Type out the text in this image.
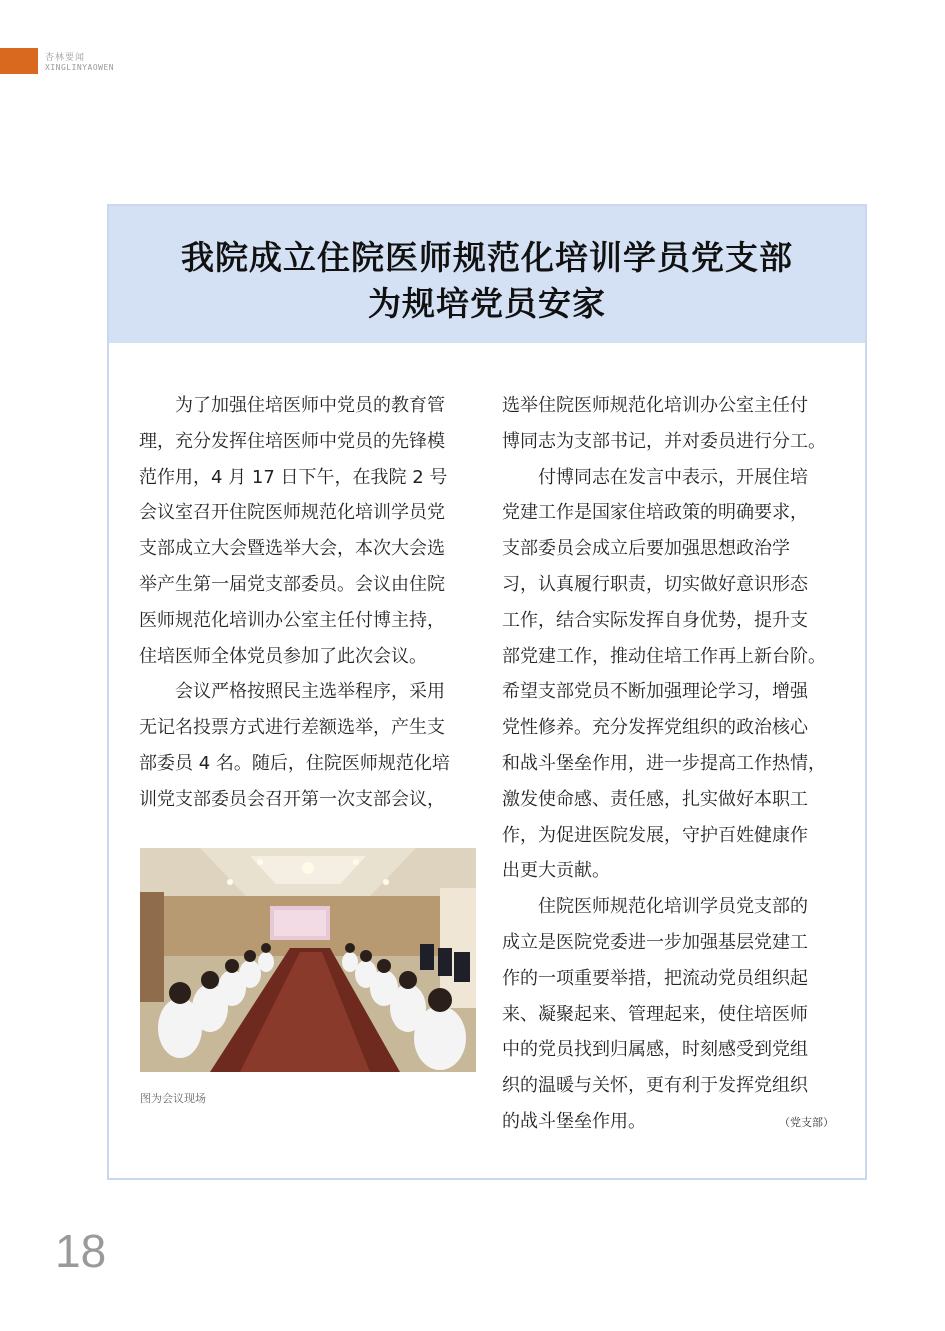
杏林要闻
XINGLINYAOWEN
我院成立住院医师规范化培训学员党支部
为规培党员安家
　　为了加强住培医师中党员的教育管
理，充分发挥住培医师中党员的先锋模
范作用，4 月 17 日下午，在我院 2 号
会议室召开住院医师规范化培训学员党
支部成立大会暨选举大会，本次大会选
举产生第一届党支部委员。会议由住院
医师规范化培训办公室主任付博主持，
住培医师全体党员参加了此次会议。
　　会议严格按照民主选举程序，采用
无记名投票方式进行差额选举，产生支
部委员 4 名。随后，住院医师规范化培
训党支部委员会召开第一次支部会议，
图为会议现场
选举住院医师规范化培训办公室主任付
博同志为支部书记，并对委员进行分工。
　　付博同志在发言中表示，开展住培
党建工作是国家住培政策的明确要求，
支部委员会成立后要加强思想政治学
习，认真履行职责，切实做好意识形态
工作，结合实际发挥自身优势，提升支
部党建工作，推动住培工作再上新台阶。
希望支部党员不断加强理论学习，增强
党性修养。充分发挥党组织的政治核心
和战斗堡垒作用，进一步提高工作热情，
激发使命感、责任感，扎实做好本职工
作，为促进医院发展，守护百姓健康作
出更大贡献。
　　住院医师规范化培训学员党支部的
成立是医院党委进一步加强基层党建工
作的一项重要举措，把流动党员组织起
来、凝聚起来、管理起来，使住培医师
中的党员找到归属感，时刻感受到党组
织的温暖与关怀，更有利于发挥党组织
的战斗堡垒作用。	（党支部）
18
